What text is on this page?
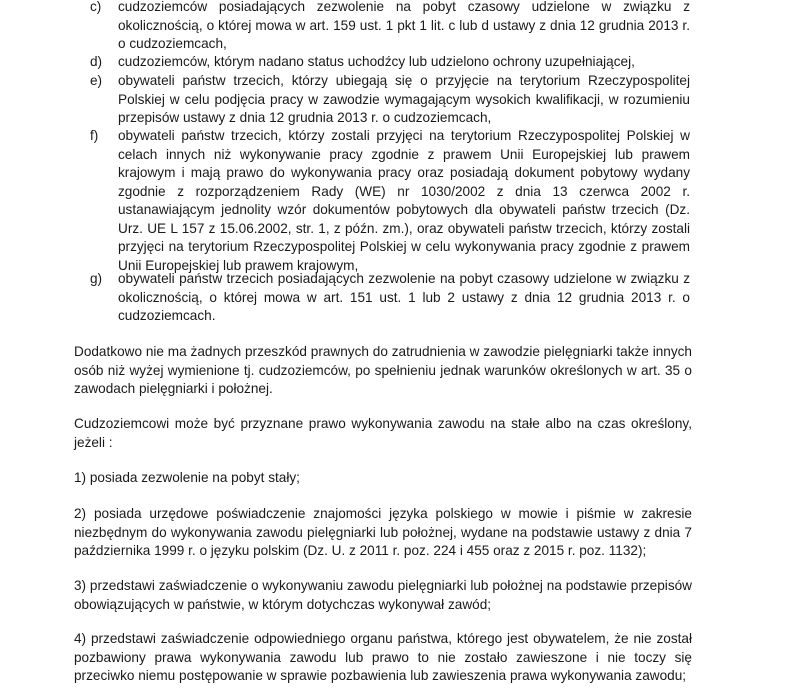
c) cudzoziemców posiadających zezwolenie na pobyt czasowy udzielone w związku z okolicznością, o której mowa w art. 159 ust. 1 pkt 1 lit. c lub d ustawy z dnia 12 grudnia 2013 r. o cudzoziemcach,
d) cudzoziemców, którym nadano status uchodźcy lub udzielono ochrony uzupełniającej,
e) obywateli państw trzecich, którzy ubiegają się o przyjęcie na terytorium Rzeczypospolitej Polskiej w celu podjęcia pracy w zawodzie wymagającym wysokich kwalifikacji, w rozumieniu przepisów ustawy z dnia 12 grudnia 2013 r. o cudzoziemcach,
f) obywateli państw trzecich, którzy zostali przyjęci na terytorium Rzeczypospolitej Polskiej w celach innych niż wykonywanie pracy zgodnie z prawem Unii Europejskiej lub prawem krajowym i mają prawo do wykonywania pracy oraz posiadają dokument pobytowy wydany zgodnie z rozporządzeniem Rady (WE) nr 1030/2002 z dnia 13 czerwca 2002 r. ustanawiającym jednolity wzór dokumentów pobytowych dla obywateli państw trzecich (Dz. Urz. UE L 157 z 15.06.2002, str. 1, z późn. zm.), oraz obywateli państw trzecich, którzy zostali przyjęci na terytorium Rzeczypospolitej Polskiej w celu wykonywania pracy zgodnie z prawem Unii Europejskiej lub prawem krajowym,
g) obywateli państw trzecich posiadających zezwolenie na pobyt czasowy udzielone w związku z okolicznością, o której mowa w art. 151 ust. 1 lub 2 ustawy z dnia 12 grudnia 2013 r. o cudzoziemcach.
Dodatkowo nie ma żadnych przeszkód prawnych do zatrudnienia w zawodzie pielęgniarki także innych osób niż wyżej wymienione tj. cudzoziemców, po spełnieniu jednak warunków określonych w art. 35 o zawodach pielęgniarki i położnej.
Cudzoziemcowi może być przyznane prawo wykonywania zawodu na stałe albo na czas określony, jeżeli :
1) posiada zezwolenie na pobyt stały;
2) posiada urzędowe poświadczenie znajomości języka polskiego w mowie i piśmie w zakresie niezbędnym do wykonywania zawodu pielęgniarki lub położnej, wydane na podstawie ustawy z dnia 7 października 1999 r. o języku polskim (Dz. U. z 2011 r. poz. 224 i 455 oraz z 2015 r. poz. 1132);
3) przedstawi zaświadczenie o wykonywaniu zawodu pielęgniarki lub położnej na podstawie przepisów obowiązujących w państwie, w którym dotychczas wykonywał zawód;
4) przedstawi zaświadczenie odpowiedniego organu państwa, którego jest obywatelem, że nie został pozbawiony prawa wykonywania zawodu lub prawo to nie zostało zawieszone i nie toczy się przeciwko niemu postępowanie w sprawie pozbawienia lub zawieszenia prawa wykonywania zawodu;
